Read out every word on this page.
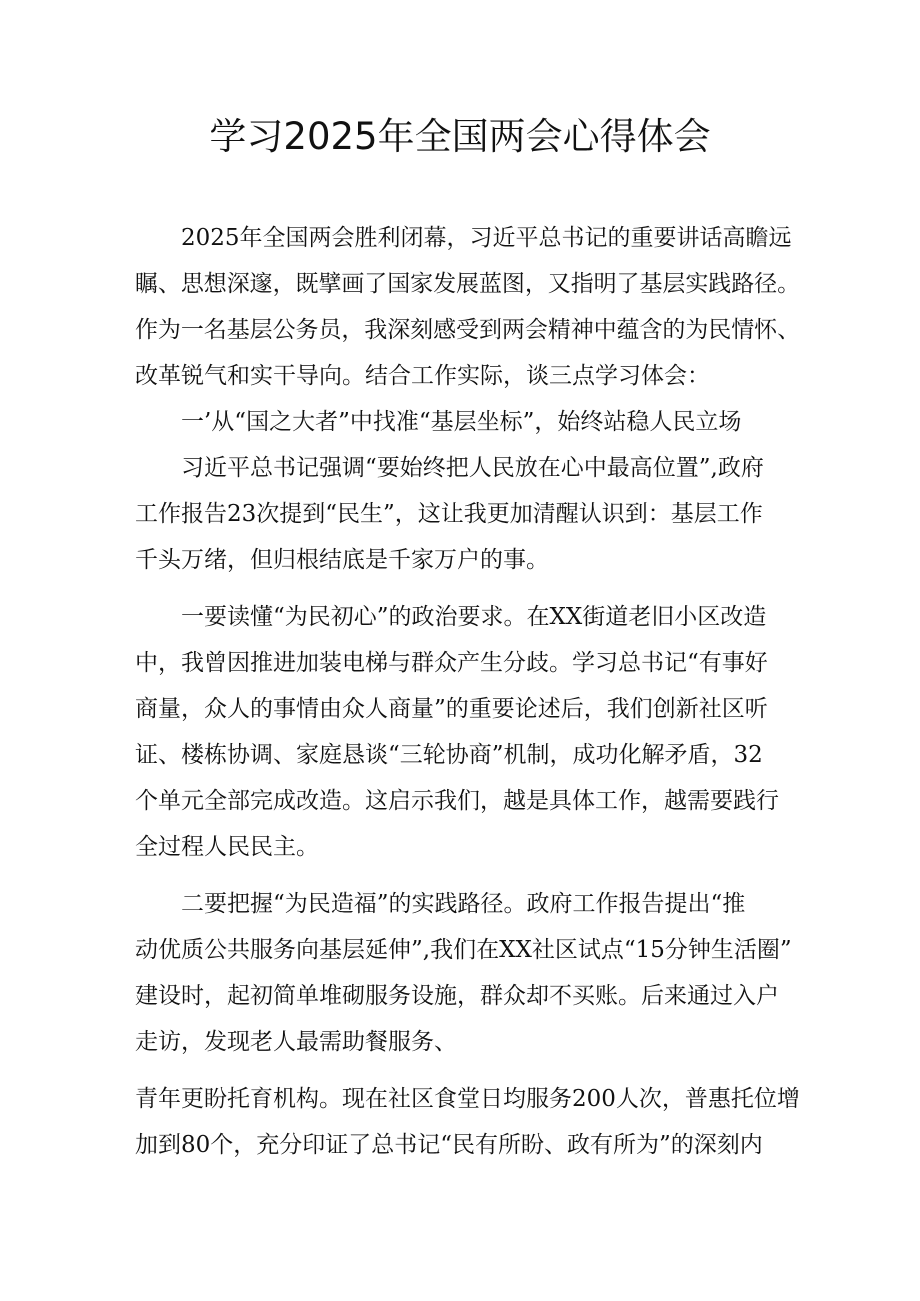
学习2025年全国两会心得体会

2025年全国两会胜利闭幕，习近平总书记的重要讲话高瞻远

瞩、思想深邃，既擘画了国家发展蓝图，又指明了基层实践路径。

作为一名基层公务员，我深刻感受到两会精神中蕴含的为民情怀、

改革锐气和实干导向。结合工作实际，谈三点学习体会：

一’从“国之大者”中找准“基层坐标”，始终站稳人民立场

习近平总书记强调“要始终把人民放在心中最高位置”,政府

工作报告23次提到“民生”，这让我更加清醒认识到：基层工作

千头万绪，但归根结底是千家万户的事。

一要读懂“为民初心”的政治要求。在XX街道老旧小区改造

中，我曾因推进加装电梯与群众产生分歧。学习总书记“有事好

商量，众人的事情由众人商量”的重要论述后，我们创新社区听

证、楼栋协调、家庭恳谈“三轮协商”机制，成功化解矛盾，32

个单元全部完成改造。这启示我们，越是具体工作，越需要践行

全过程人民民主。

二要把握“为民造福”的实践路径。政府工作报告提出“推

动优质公共服务向基层延伸”,我们在XX社区试点“15分钟生活圈”

建设时，起初简单堆砌服务设施，群众却不买账。后来通过入户

走访，发现老人最需助餐服务、

青年更盼托育机构。现在社区食堂日均服务200人次，普惠托位增

加到80个，充分印证了总书记“民有所盼、政有所为”的深刻内
